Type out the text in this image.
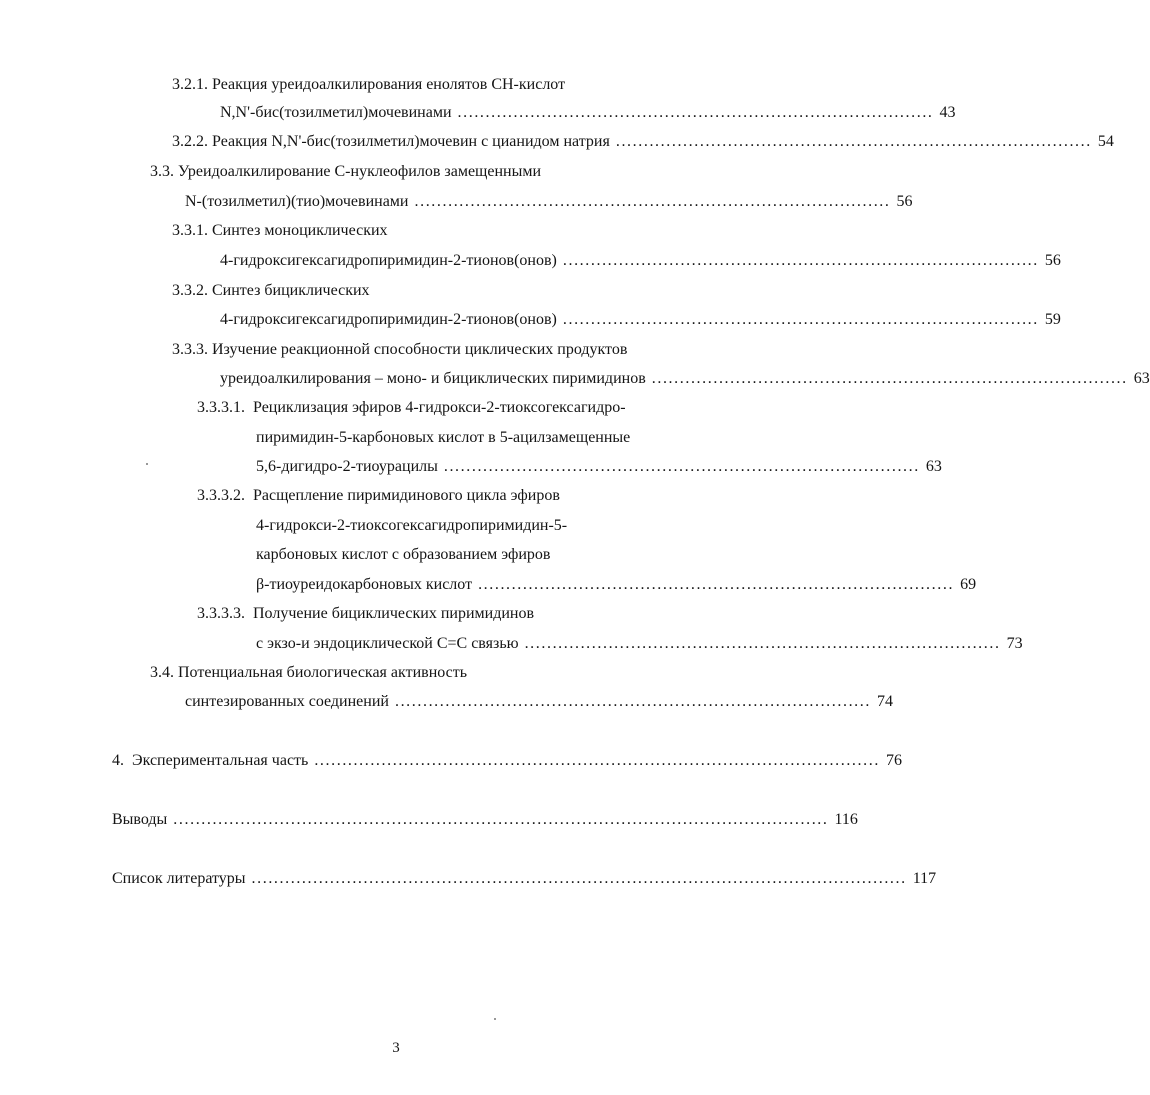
3.2.1.
Реакция уреидоалкилирования енолятов СН-кислот
N,N'-бис(тозилметил)мочевинами ..................................................................................... 43
3.2.2.
Реакция N,N'-бис(тозилметил)мочевин с цианидом натрия ..................................................................................... 54
3.3.
Уреидоалкилирование С-нуклеофилов замещенными
N-(тозилметил)(тио)мочевинами ..................................................................................... 56
3.3.1.
Синтез моноциклических
4-гидроксигексагидропиримидин-2-тионов(онов) ..................................................................................... 56
3.3.2.
Синтез бициклических
4-гидроксигексагидропиримидин-2-тионов(онов) ..................................................................................... 59
3.3.3.
Изучение реакционной способности циклических продуктов
уреидоалкилирования – моно- и бициклических пиримидинов ..................................................................................... 63
3.3.3.1.
Рециклизация эфиров 4-гидрокси-2-тиоксогексагидро-
пиримидин-5-карбоновых кислот в 5-ацилзамещенные
5,6-дигидро-2-тиоурацилы ..................................................................................... 63
3.3.3.2.
Расщепление пиримидинового цикла эфиров
4-гидрокси-2-тиоксогексагидропиримидин-5-
карбоновых кислот с образованием эфиров
β-тиоуреидокарбоновых кислот ..................................................................................... 69
3.3.3.3.
Получение бициклических пиримидинов
с экзо-и эндоциклической С=С связью ..................................................................................... 73
3.4.
Потенциальная биологическая активность
синтезированных соединений ..................................................................................... 74
4.
Экспериментальная часть ..................................................................................................... 76
Выводы ..................................................................................................................... 116
Список литературы ..................................................................................................................... 117
3
